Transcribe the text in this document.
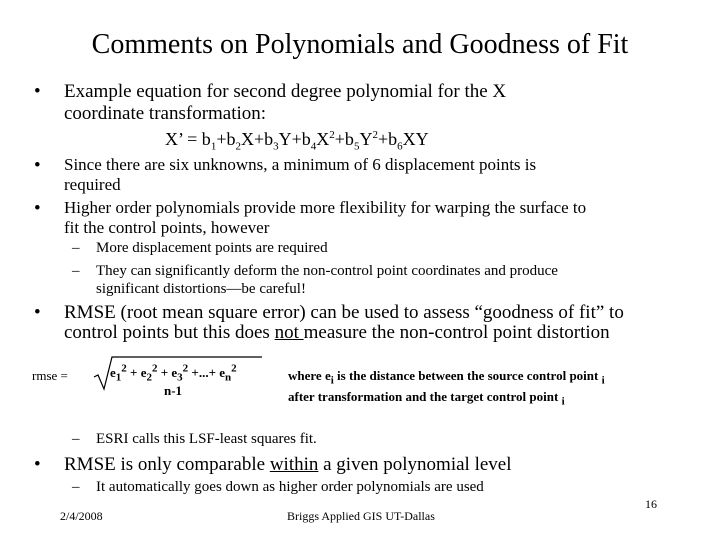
Comments on Polynomials and Goodness of Fit
• Example equation for second degree polynomial for the X
coordinate transformation:
X’ = $b_1+b_2X+b_3Y+b_4X^2+b_5Y^2+b_6XY$
• Since there are six unknowns, a minimum of 6 displacement points is
required
• Higher order polynomials provide more flexibility for warping the surface to
fit the control points, however
– More displacement points are required
– They can significantly deform the non-control point coordinates and produce
significant distortions—be careful!
• RMSE (root mean square error) can be used to assess “goodness of fit” to
control points but this does not measure the non-control point distortion
rmse =	$e_1^2 + e_2^2 + e_3^2$ +...+ $e_n^2$
n-1
where $e_i$ is the distance between the source control point $_i$
after transformation and the target control point $_i$
– ESRI calls this LSF-least squares fit.
• RMSE is only comparable within a given polynomial level
– It automatically goes down as higher order polynomials are used
2/4/2008	Briggs Applied GIS UT-Dallas
16
